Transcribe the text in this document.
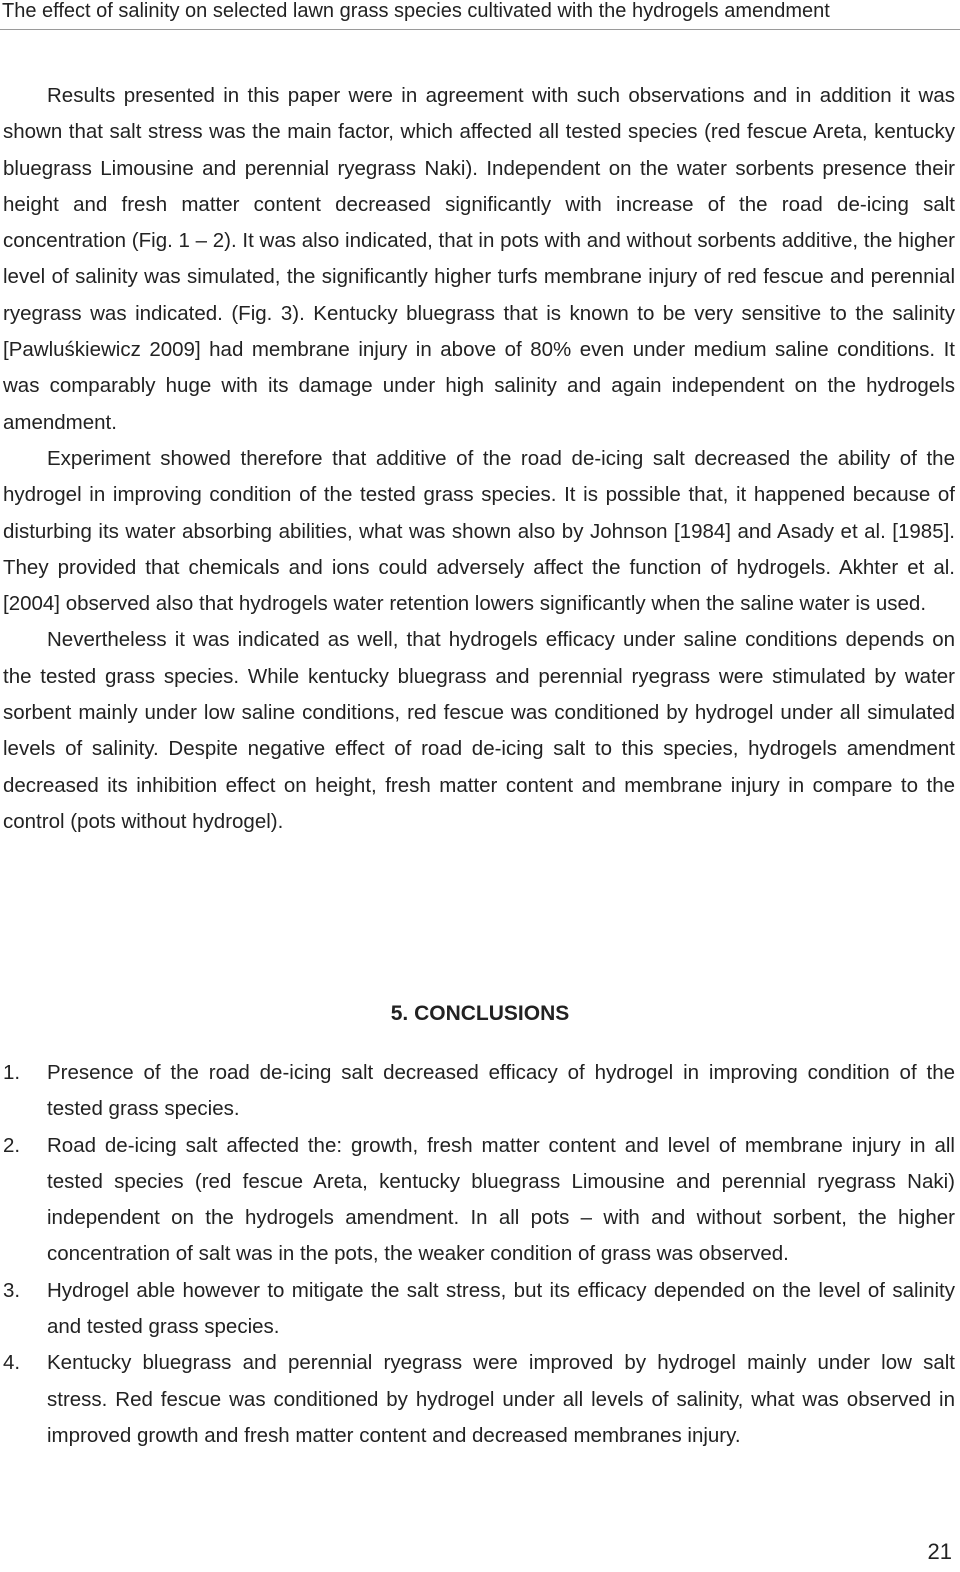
The effect of salinity on selected lawn grass species cultivated with the hydrogels amendment

Results presented in this paper were in agreement with such observations and in addition it was shown that salt stress was the main factor, which affected all tested species (red fescue Areta, kentucky bluegrass Limousine and perennial ryegrass Naki). Independent on the water sorbents presence their height and fresh matter content decreased significantly with increase of the road de-icing salt concentration (Fig. 1 – 2). It was also indicated, that in pots with and without sorbents additive, the higher level of salinity was simulated, the significantly higher turfs membrane injury of red fescue and perennial ryegrass was indicated. (Fig. 3). Kentucky bluegrass that is known to be very sensitive to the salinity [Pawluśkiewicz 2009] had membrane injury in above of 80% even under medium saline conditions. It was comparably huge with its damage under high salinity and again independent on the hydrogels amendment.

Experiment showed therefore that additive of the road de-icing salt decreased the ability of the hydrogel in improving condition of the tested grass species. It is possible that, it happened because of disturbing its water absorbing abilities, what was shown also by Johnson [1984] and Asady et al. [1985]. They provided that chemicals and ions could adversely affect the function of hydrogels. Akhter et al. [2004] observed also that hydrogels water retention lowers significantly when the saline water is used.

Nevertheless it was indicated as well, that hydrogels efficacy under saline conditions depends on the tested grass species. While kentucky bluegrass and perennial ryegrass were stimulated by water sorbent mainly under low saline conditions, red fescue was conditioned by hydrogel under all simulated levels of salinity. Despite negative effect of road de-icing salt to this species, hydrogels amendment decreased its inhibition effect on height, fresh matter content and membrane injury in compare to the control (pots without hydrogel).

5. CONCLUSIONS
1. Presence of the road de-icing salt decreased efficacy of hydrogel in improving condition of the tested grass species.
2. Road de-icing salt affected the: growth, fresh matter content and level of membrane injury in all tested species (red fescue Areta, kentucky bluegrass Limousine and perennial ryegrass Naki) independent on the hydrogels amendment. In all pots – with and without sorbent, the higher concentration of salt was in the pots, the weaker condition of grass was observed.
3. Hydrogel able however to mitigate the salt stress, but its efficacy depended on the level of salinity and tested grass species.
4. Kentucky bluegrass and perennial ryegrass were improved by hydrogel mainly under low salt stress. Red fescue was conditioned by hydrogel under all levels of salinity, what was observed in improved growth and fresh matter content and decreased membranes injury.
21
